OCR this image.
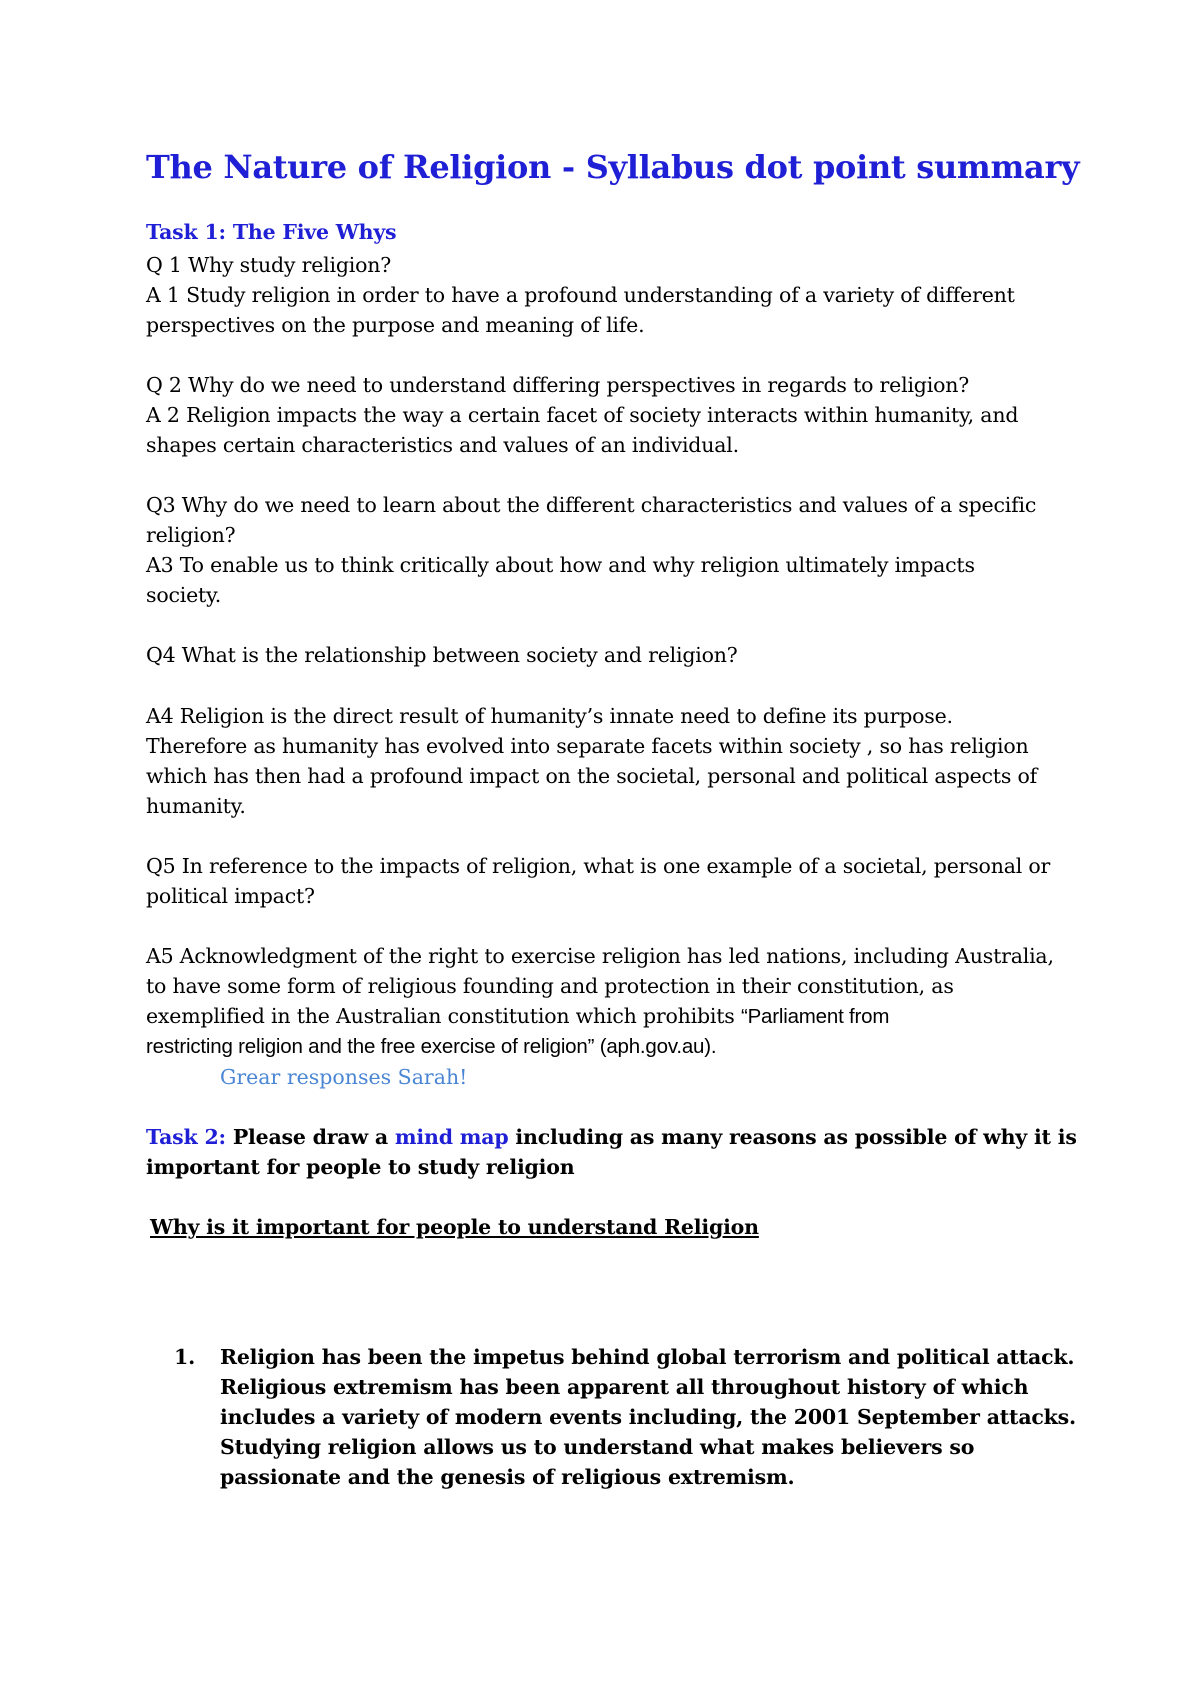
The Nature of Religion - Syllabus dot point summary
Task 1: The Five Whys
Q 1 Why study religion?
A 1 Study religion in order to have a profound understanding of a variety of different
perspectives on the purpose and meaning of life.
Q 2 Why do we need to understand differing perspectives in regards to religion?
A 2 Religion impacts the way a certain facet of society interacts within humanity, and
shapes certain characteristics and values of an individual.
Q3 Why do we need to learn about the different characteristics and values of a specific
religion?
A3 To enable us to think critically about how and why religion ultimately impacts
society.
Q4 What is the relationship between society and religion?
A4 Religion is the direct result of humanity’s innate need to define its purpose.
Therefore as humanity has evolved into separate facets within society , so has religion
which has then had a profound impact on the societal, personal and political aspects of
humanity.
Q5 In reference to the impacts of religion, what is one example of a societal, personal or
political impact?
A5 Acknowledgment of the right to exercise religion has led nations, including Australia,
to have some form of religious founding and protection in their constitution, as
exemplified in the Australian constitution which prohibits “Parliament from
restricting religion and the free exercise of religion” (aph.gov.au).
Grear responses Sarah!
Task 2: Please draw a mind map including as many reasons as possible of why it is
important for people to study religion
Why is it important for people to understand Religion
1. Religion has been the impetus behind global terrorism and political attack.
Religious extremism has been apparent all throughout history of which
includes a variety of modern events including, the 2001 September attacks.
Studying religion allows us to understand what makes believers so
passionate and the genesis of religious extremism.
